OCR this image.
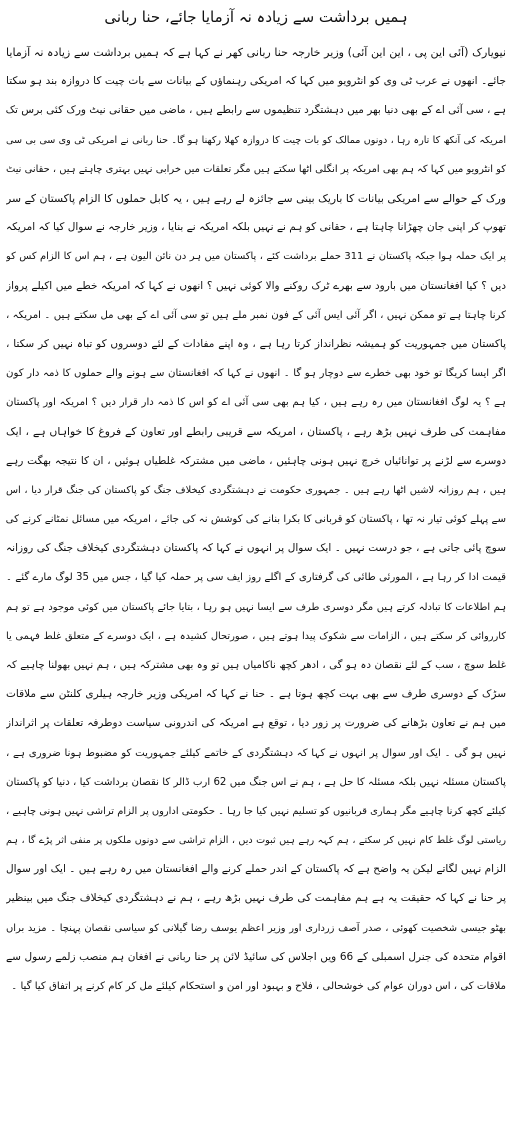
ہمیں برداشت سے زیادہ نہ آزمایا جائے، حنا ربانی
نیویارک (آئی این پی ، این این آئی) وزیر خارجہ حنا ربانی کھر نے کہا ہے کہ ہمیں برداشت سے زیادہ نہ آزمایا
جائے۔ انھوں نے عرب ٹی وی کو انٹرویو میں کہا کہ امریکی رہنماؤں کے بیانات سے بات چیت کا دروازہ بند ہو سکتا
ہے ، سی آئی اے کے بھی دنیا بھر میں دہشتگرد تنظیموں سے رابطے ہیں ، ماضی میں حقانی نیٹ ورک کئی برس تک
امریکہ کی آنکھ کا تارہ رہا ، دونوں ممالک کو بات چیت کا دروازہ کھلا رکھنا ہو گا۔ حنا ربانی نے امریکی ٹی وی سی بی سی
کو انٹرویو میں کہا کہ ہم بھی امریکہ پر انگلی اٹھا سکتے ہیں مگر تعلقات میں خرابی نہیں بہتری چاہتے ہیں ، حقانی نیٹ
ورک کے حوالے سے امریکی بیانات کا باریک بینی سے جائزہ لے رہے ہیں ، یہ کابل حملوں کا الزام پاکستان کے سر
تھوپ کر اپنی جان چھڑانا چاہتا ہے ، حقانی کو ہم نے نہیں بلکہ امریکہ نے بنایا ، وزیر خارجہ نے سوال کیا کہ امریکہ
پر ایک حملہ ہوا جبکہ پاکستان نے 311 حملے برداشت کئے ، پاکستان میں ہر دن نائن الیون ہے ، ہم اس کا الزام کس کو
دیں ؟ کیا افغانستان میں بارود سے بھرے ٹرک روکنے والا کوئی نہیں ؟ انھوں نے کہا کہ امریکہ خطے میں اکیلے پرواز
کرنا چاہتا ہے تو ممکن نہیں ، اگر آئی ایس آئی کے فون نمبر ملے ہیں تو سی آئی اے کے بھی مل سکتے ہیں ۔ امریکہ ،
پاکستان میں جمہوریت کو ہمیشہ نظرانداز کرتا رہا ہے ، وہ اپنے مفادات کے لئے دوسروں کو تباہ نہیں کر سکتا ،
اگر ایسا کریگا تو خود بھی خطرے سے دوچار ہو گا ۔ انھوں نے کہا کہ افغانستان سے ہونے والے حملوں کا ذمہ دار کون
ہے ؟ یہ لوگ افغانستان میں رہ رہے ہیں ، کیا ہم بھی سی آئی اے کو اس کا ذمہ دار قرار دیں ؟ امریکہ اور پاکستان
مفاہمت کی طرف نہیں بڑھ رہے ، پاکستان ، امریکہ سے قریبی رابطے اور تعاون کے فروغ کا خواہاں ہے ، ایک
دوسرے سے لڑنے پر توانائیاں خرچ نہیں ہونی چاہئیں ، ماضی میں مشترکہ غلطیاں ہوئیں ، ان کا نتیجہ بھگت رہے
ہیں ، ہم روزانہ لاشیں اٹھا رہے ہیں ۔ جمہوری حکومت نے دہشتگردی کیخلاف جنگ کو پاکستان کی جنگ قرار دیا ، اس
سے پہلے کوئی تیار نہ تھا ، پاکستان کو قربانی کا بکرا بنانے کی کوشش نہ کی جائے ، امریکہ میں مسائل نمٹانے کرنے کی
سوچ پائی جاتی ہے ، جو درست نہیں ۔ ایک سوال پر انہوں نے کہا کہ پاکستان دہشتگردی کیخلاف جنگ کی روزانہ
قیمت ادا کر رہا ہے ، المورئی طائی کی گرفتاری کے اگلے روز ایف سی پر حملہ کیا گیا ، جس میں 35 لوگ مارے گئے ۔
ہم اطلاعات کا تبادلہ کرتے ہیں مگر دوسری طرف سے ایسا نہیں ہو رہا ، بتایا جائے پاکستان میں کوئی موجود ہے تو ہم
کارروائی کر سکتے ہیں ، الزامات سے شکوک پیدا ہوتے ہیں ، صورتحال کشیدہ ہے ، ایک دوسرے کے متعلق غلط فہمی یا
غلط سوچ ، سب کے لئے نقصان دہ ہو گی ، ادھر کچھ ناکامیاں ہیں تو وہ بھی مشترکہ ہیں ، ہم نہیں بھولنا چاہیے کہ
سڑک کے دوسری طرف سے بھی بہت کچھ ہوتا ہے ۔ حنا نے کہا کہ امریکی وزیر خارجہ ہیلری کلنٹن سے ملاقات
میں ہم نے تعاون بڑھانے کی ضرورت پر زور دیا ، توقع ہے امریکہ کی اندرونی سیاست دوطرفہ تعلقات پر اثرانداز
نہیں ہو گی ۔ ایک اور سوال پر انہوں نے کہا کہ دہشتگردی کے خاتمے کیلئے جمہوریت کو مضبوط ہونا ضروری ہے ،
پاکستان مسئلہ نہیں بلکہ مسئلہ کا حل ہے ، ہم نے اس جنگ میں 62 ارب ڈالر کا نقصان برداشت کیا ، دنیا کو پاکستان
کیلئے کچھ کرنا چاہیے مگر ہماری قربانیوں کو تسلیم نہیں کیا جا رہا ۔ حکومتی اداروں پر الزام تراشی نہیں ہونی چاہیے ،
ریاستی لوگ غلط کام نہیں کر سکتے ، ہم کہہ رہے ہیں ثبوت دیں ، الزام تراشی سے دونوں ملکوں پر منفی اثر پڑے گا ، ہم
الزام نہیں لگاتے لیکن یہ واضح ہے کہ پاکستان کے اندر حملے کرنے والے افغانستان میں رہ رہے ہیں ۔ ایک اور سوال
پر حنا نے کہا کہ حقیقت یہ ہے ہم مفاہمت کی طرف نہیں بڑھ رہے ، ہم نے دہشتگردی کیخلاف جنگ میں بینظیر
بھٹو جیسی شخصیت کھوئی ، صدر آصف زرداری اور وزیر اعظم یوسف رضا گیلانی کو سیاسی نقصان پہنچا ۔ مزید براں
اقوام متحدہ کی جنرل اسمبلی کے 66 ویں اجلاس کی سائیڈ لائن پر حنا ربانی نے افغان ہم منصب زلمے رسول سے
ملاقات کی ، اس دوران عوام کی خوشحالی ، فلاح و بہبود اور امن و استحکام کیلئے مل کر کام کرنے پر اتفاق کیا گیا ۔
